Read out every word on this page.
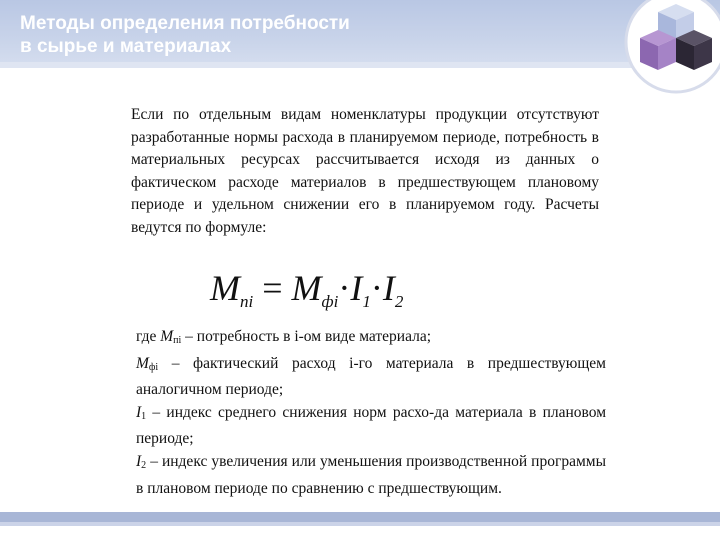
Методы определения потребности
в сырье и материалах

Если по отдельным видам номенклатуры продукции отсутствуют разработанные нормы расхода в планируемом периоде, потребность в материальных ресурсах рассчитывается исходя из данных о фактическом расходе материалов в предшествующем плановому периоде и удельном снижении его в планируемом году. Расчеты ведутся по формуле:

$M_{пi} = M_{фi}\cdot I_1\cdot I_2$

где $M_{пi}$ – потребность в i-ом виде материала;

$M_{фi}$ – фактический расход i-го материала в предшествующем аналогичном периоде;

$I_1$ – индекс среднего снижения норм расхо-да материала в плановом периоде;

$I_2$ – индекс увеличения или уменьшения производственной программы в плановом периоде по сравнению с предшествующим.
